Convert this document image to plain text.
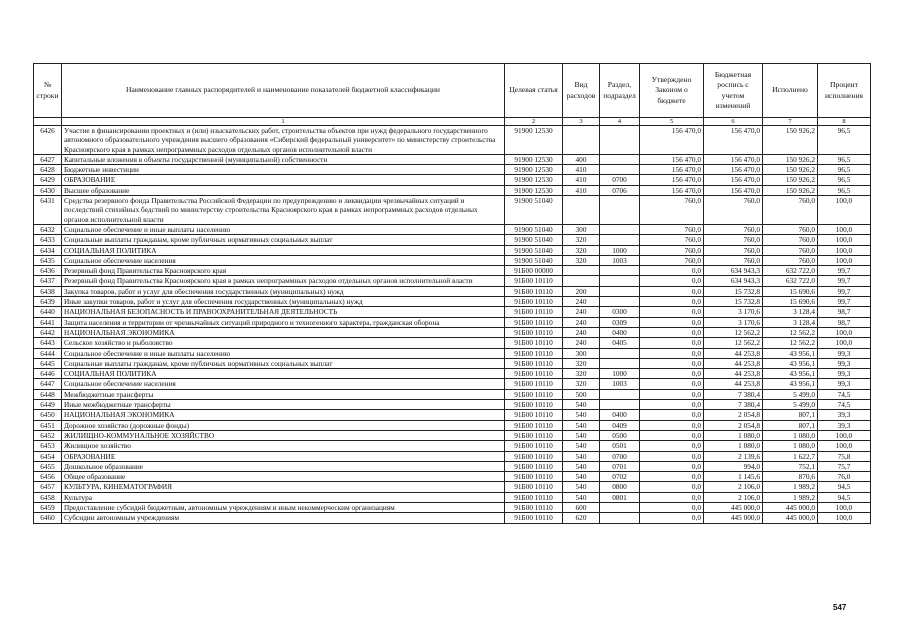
№ строки	Наименование главных распорядителей и наименование показателей бюджетной классификации	Целевая статья	Вид расходов	Раздел, подраздел	Утверждено Законом о бюджете	Бюджетная роспись с учетом изменений	Исполнено	Процент исполнения
	1	2	3	4	5	6	7	8
6426	Участие в финансировании проектных и (или) изыскательских работ, строительства объектов при нужд федерального государственного автономного образовательного учреждения высшего образования «Сибирский федеральный университет» по министерству строительства Красноярского края в рамках непрограммных расходов отдельных органов исполнительной власти	91900 12530			156 470,0	156 470,0	150 926,2	96,5
6427	Капитальные вложения в объекты государственной (муниципальной) собственности	91900 12530	400		156 470,0	156 470,0	150 926,2	96,5
6428	Бюджетные инвестиции	91900 12530	410		156 470,0	156 470,0	150 926,2	96,5
6429	ОБРАЗОВАНИЕ	91900 12530	410	0700	156 470,0	156 470,0	150 926,2	96,5
6430	Высшее образование	91900 12530	410	0706	156 470,0	156 470,0	150 926,2	96,5
6431	Средства резервного фонда Правительства Российской Федерации по предупреждению и ликвидации чрезвычайных ситуаций и последствий стихийных бедствий по министерству строительства Красноярского края в рамках непрограммных расходов отдельных органов исполнительной власти	91900 51040			760,0	760,0	760,0	100,0
6432	Социальное обеспечение и иные выплаты населению	91900 51040	300		760,0	760,0	760,0	100,0
6433	Социальные выплаты гражданам, кроме публичных нормативных социальных выплат	91900 51040	320		760,0	760,0	760,0	100,0
6434	СОЦИАЛЬНАЯ ПОЛИТИКА	91900 51040	320	1000	760,0	760,0	760,0	100,0
6435	Социальное обеспечение населения	91900 51040	320	1003	760,0	760,0	760,0	100,0
6436	Резервный фонд Правительства Красноярского края	91Б00 00000			0,0	634 943,3	632 722,0	99,7
6437	Резервный фонд Правительства Красноярского края в рамках непрограммных расходов отдельных органов исполнительной власти	91Б00 10110			0,0	634 943,3	632 722,0	99,7
6438	Закупка товаров, работ и услуг для обеспечения государственных (муниципальных) нужд	91Б00 10110	200		0,0	15 732,8	15 690,6	99,7
6439	Иные закупки товаров, работ и услуг для обеспечения государственных (муниципальных) нужд	91Б00 10110	240		0,0	15 732,8	15 690,6	99,7
6440	НАЦИОНАЛЬНАЯ БЕЗОПАСНОСТЬ И ПРАВООХРАНИТЕЛЬНАЯ ДЕЯТЕЛЬНОСТЬ	91Б00 10110	240	0300	0,0	3 170,6	3 128,4	98,7
6441	Защита населения и территории от чрезвычайных ситуаций природного и техногенного характера, гражданская оборона	91Б00 10110	240	0309	0,0	3 170,6	3 128,4	98,7
6442	НАЦИОНАЛЬНАЯ ЭКОНОМИКА	91Б00 10110	240	0400	0,0	12 562,2	12 562,2	100,0
6443	Сельское хозяйство и рыболовство	91Б00 10110	240	0405	0,0	12 562,2	12 562,2	100,0
6444	Социальное обеспечение и иные выплаты населению	91Б00 10110	300		0,0	44 253,8	43 956,1	99,3
6445	Социальные выплаты гражданам, кроме публичных нормативных социальных выплат	91Б00 10110	320		0,0	44 253,8	43 956,1	99,3
6446	СОЦИАЛЬНАЯ ПОЛИТИКА	91Б00 10110	320	1000	0,0	44 253,8	43 956,1	99,3
6447	Социальное обеспечение населения	91Б00 10110	320	1003	0,0	44 253,8	43 956,1	99,3
6448	Межбюджетные трансферты	91Б00 10110	500		0,0	7 380,4	5 499,0	74,5
6449	Иные межбюджетные трансферты	91Б00 10110	540		0,0	7 380,4	5 499,0	74,5
6450	НАЦИОНАЛЬНАЯ ЭКОНОМИКА	91Б00 10110	540	0400	0,0	2 054,8	807,1	39,3
6451	Дорожное хозяйство (дорожные фонды)	91Б00 10110	540	0409	0,0	2 054,8	807,1	39,3
6452	ЖИЛИЩНО-КОММУНАЛЬНОЕ ХОЗЯЙСТВО	91Б00 10110	540	0500	0,0	1 080,0	1 080,0	100,0
6453	Жилищное хозяйство	91Б00 10110	540	0501	0,0	1 080,0	1 080,0	100,0
6454	ОБРАЗОВАНИЕ	91Б00 10110	540	0700	0,0	2 139,6	1 622,7	75,8
6455	Дошкольное образование	91Б00 10110	540	0701	0,0	994,0	752,1	75,7
6456	Общее образование	91Б00 10110	540	0702	0,0	1 145,6	870,6	76,0
6457	КУЛЬТУРА, КИНЕМАТОГРАФИЯ	91Б00 10110	540	0800	0,0	2 106,0	1 989,2	94,5
6458	Культура	91Б00 10110	540	0801	0,0	2 106,0	1 989,2	94,5
6459	Предоставление субсидий бюджетным, автономным учреждениям и иным некоммерческим организациям	91Б00 10110	600		0,0	445 000,0	445 000,0	100,0
6460	Субсидии автономным учреждениям	91Б00 10110	620		0,0	445 000,0	445 000,0	100,0
547
